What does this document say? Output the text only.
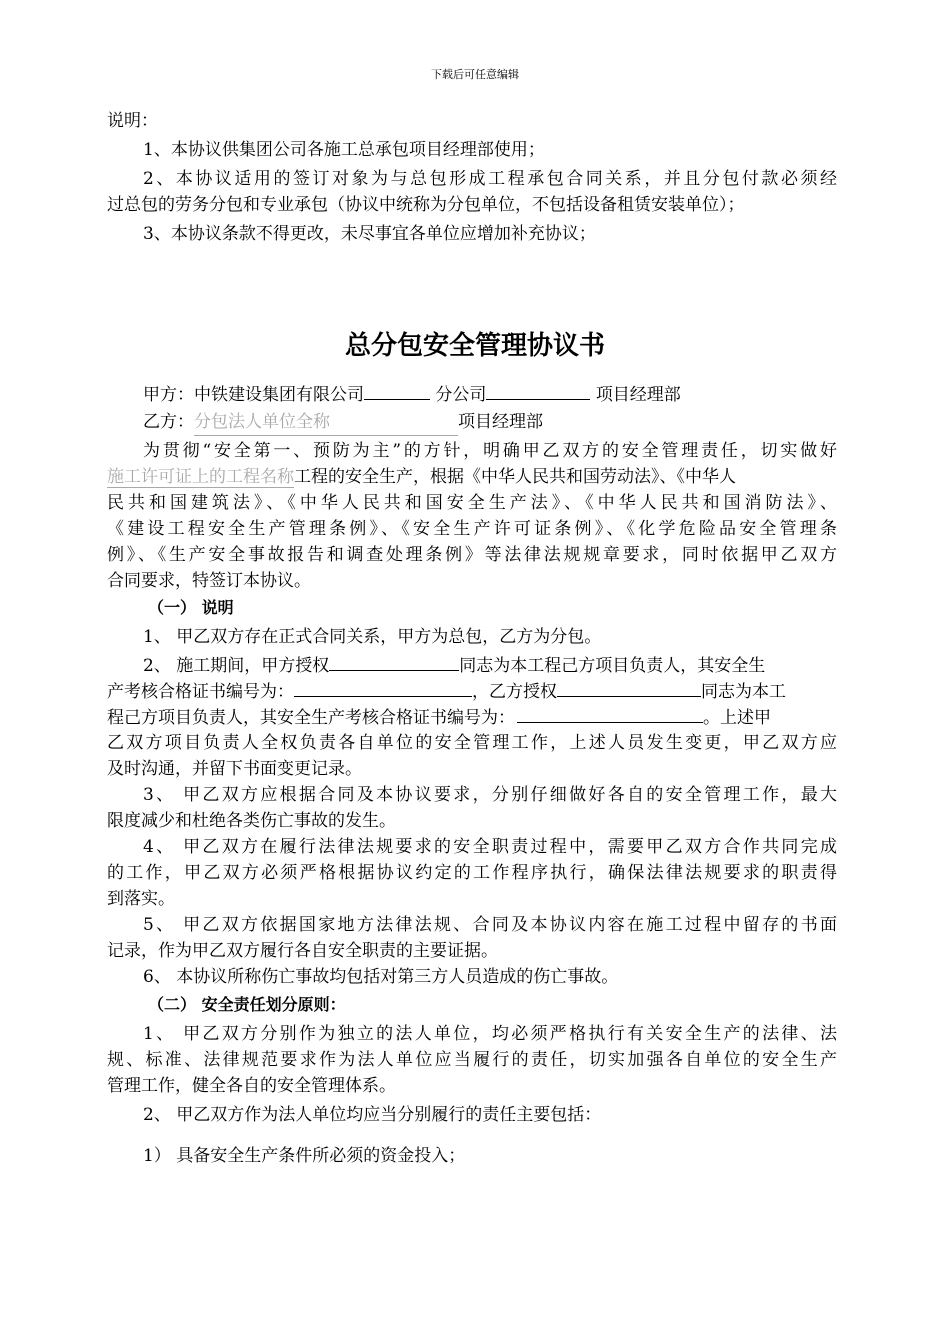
下载后可任意编辑
说明：
1、本协议供集团公司各施工总承包项目经理部使用；
2、本协议适用的签订对象为与总包形成工程承包合同关系，并且分包付款必须经
过总包的劳务分包和专业承包（协议中统称为分包单位，不包括设备租赁安装单位）；
3、本协议条款不得更改，未尽事宜各单位应增加补充协议；
总分包安全管理协议书
甲方：中铁建设集团有限公司	分公司	项目经理部
乙方：分包法人单位全称	项目经理部
为贯彻“安全第一、预防为主”的方针，明确甲乙双方的安全管理责任，切实做好
施工许可证上的工程名称工程的安全生产，根据《中华人民共和国劳动法》、《中华人
民共和国建筑法》、《中华人民共和国安全生产法》、《中华人民共和国消防法》、
《建设工程安全生产管理条例》、《安全生产许可证条例》、《化学危险品安全管理条
例》、《生产安全事故报告和调查处理条例》等法律法规规章要求，同时依据甲乙双方
合同要求，特签订本协议。
（一） 说明
1、 甲乙双方存在正式合同关系，甲方为总包，乙方为分包。
2、 施工期间，甲方授权	同志为本工程己方项目负责人，其安全生
产考核合格证书编号为：	，乙方授权	同志为本工
程己方项目负责人，其安全生产考核合格证书编号为：	。上述甲
乙双方项目负责人全权负责各自单位的安全管理工作，上述人员发生变更，甲乙双方应
及时沟通，并留下书面变更记录。
3、 甲乙双方应根据合同及本协议要求，分别仔细做好各自的安全管理工作，最大
限度减少和杜绝各类伤亡事故的发生。
4、 甲乙双方在履行法律法规要求的安全职责过程中，需要甲乙双方合作共同完成
的工作，甲乙双方必须严格根据协议约定的工作程序执行，确保法律法规要求的职责得
到落实。
5、 甲乙双方依据国家地方法律法规、合同及本协议内容在施工过程中留存的书面
记录，作为甲乙双方履行各自安全职责的主要证据。
6、 本协议所称伤亡事故均包括对第三方人员造成的伤亡事故。
（二） 安全责任划分原则：
1、 甲乙双方分别作为独立的法人单位，均必须严格执行有关安全生产的法律、法
规、标准、法律规范要求作为法人单位应当履行的责任，切实加强各自单位的安全生产
管理工作，健全各自的安全管理体系。
2、 甲乙双方作为法人单位均应当分别履行的责任主要包括：
1） 具备安全生产条件所必须的资金投入；
